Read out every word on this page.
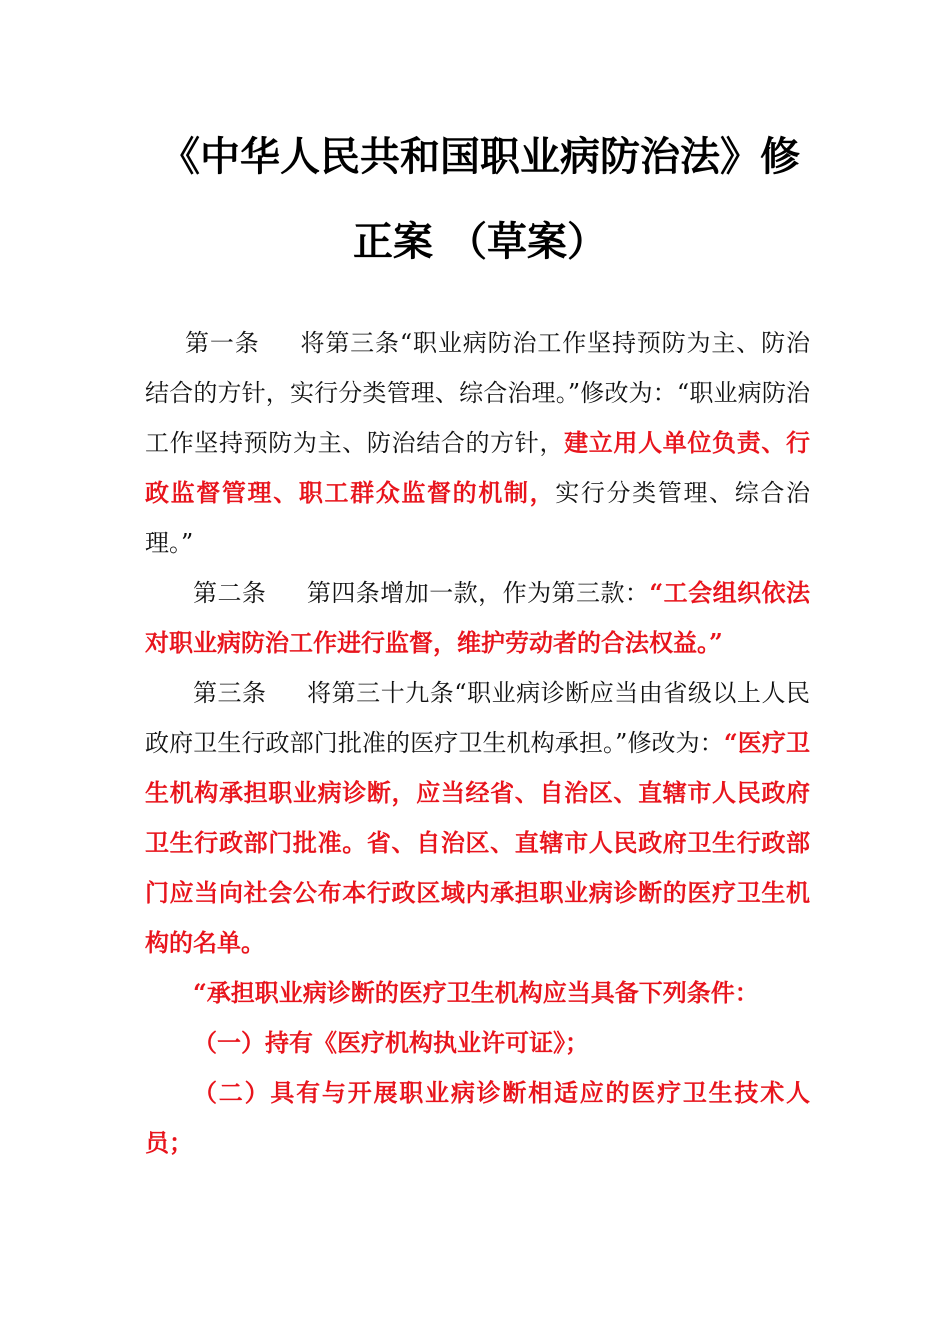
《中华人民共和国职业病防治法》修
正案 （草案）

第一条 将第三条“职业病防治工作坚持预防为主、防治结合的方针，实行分类管理、综合治理。”修改为：“职业病防治工作坚持预防为主、防治结合的方针，建立用人单位负责、行政监督管理、职工群众监督的机制，实行分类管理、综合治理。”

第二条 第四条增加一款，作为第三款：“工会组织依法对职业病防治工作进行监督，维护劳动者的合法权益。”

第三条 将第三十九条“职业病诊断应当由省级以上人民政府卫生行政部门批准的医疗卫生机构承担。”修改为：“医疗卫生机构承担职业病诊断，应当经省、自治区、直辖市人民政府卫生行政部门批准。省、自治区、直辖市人民政府卫生行政部门应当向社会公布本行政区域内承担职业病诊断的医疗卫生机构的名单。

“承担职业病诊断的医疗卫生机构应当具备下列条件：

（一）持有《医疗机构执业许可证》；

（二）具有与开展职业病诊断相适应的医疗卫生技术人员；
